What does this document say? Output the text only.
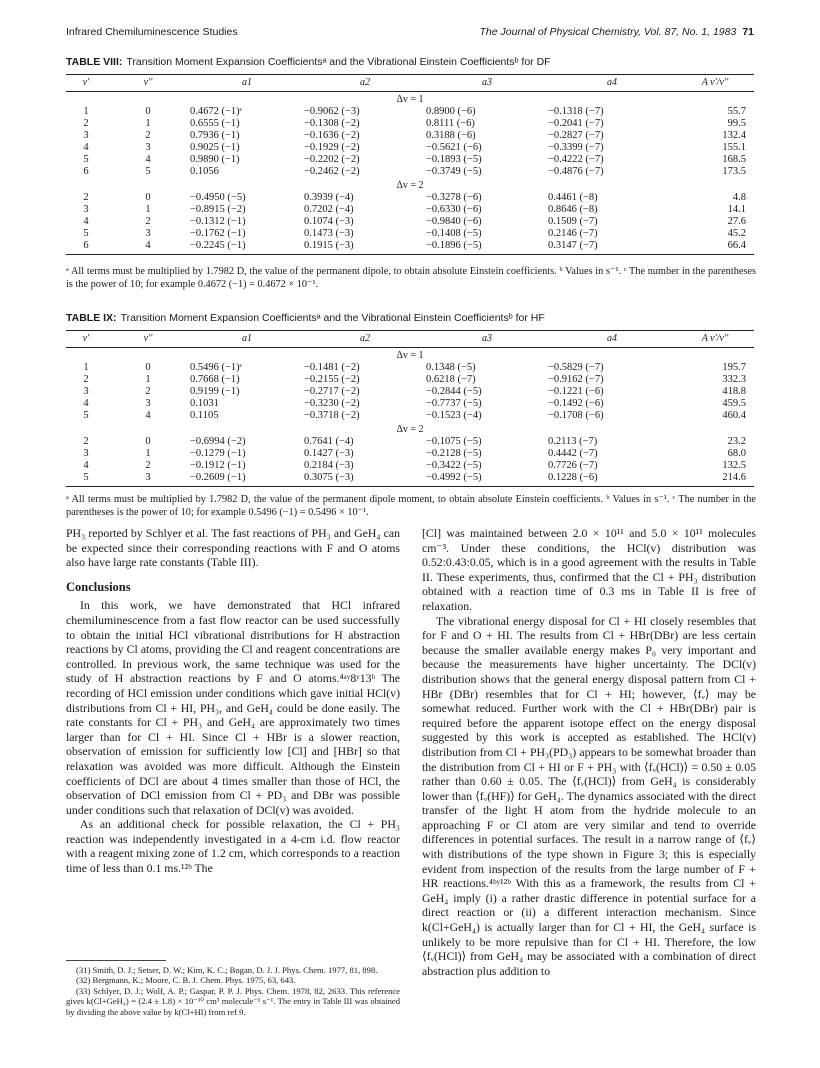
Infrared Chemiluminescence Studies	The Journal of Physical Chemistry, Vol. 87, No. 1, 1983 71
TABLE VIII: Transition Moment Expansion Coefficientsᵃ and the Vibrational Einstein Coefficientsᵇ for DF
v'	v''	a1	a2	a3	a4	A v'/v''
Δv = 1						
1	0	0.4672 (−1)ᶜ	−0.9062 (−3)	0.8900 (−6)	−0.1318 (−7)	55.7
2	1	0.6555 (−1)	−0.1308 (−2)	0.8111 (−6)	−0.2041 (−7)	99.5
3	2	0.7936 (−1)	−0.1636 (−2)	0.3188 (−6)	−0.2827 (−7)	132.4
4	3	0.9025 (−1)	−0.1929 (−2)	−0.5621 (−6)	−0.3399 (−7)	155.1
5	4	0.9890 (−1)	−0.2202 (−2)	−0.1893 (−5)	−0.4222 (−7)	168.5
6	5	0.1056	−0.2462 (−2)	−0.3749 (−5)	−0.4876 (−7)	173.5
Δv = 2						
2	0	−0.4950 (−5)	0.3939 (−4)	−0.3278 (−6)	0.4461 (−8)	4.8
3	1	−0.8915 (−2)	0.7202 (−4)	−0.6330 (−6)	0.8646 (−8)	14.1
4	2	−0.1312 (−1)	0.1074 (−3)	−0.9840 (−6)	0.1509 (−7)	27.6
5	3	−0.1762 (−1)	0.1473 (−3)	−0.1408 (−5)	0.2146 (−7)	45.2
6	4	−0.2245 (−1)	0.1915 (−3)	−0.1896 (−5)	0.3147 (−7)	66.4
ᵃ All terms must be multiplied by 1.7982 D, the value of the permanent dipole, to obtain absolute Einstein coefficients. ᵇ Values in s⁻¹. ᶜ The number in the parentheses is the power of 10; for example 0.4672 (−1) = 0.4672 × 10⁻¹.
TABLE IX: Transition Moment Expansion Coefficientsᵃ and the Vibrational Einstein Coefficientsᵇ for HF
v'	v''	a1	a2	a3	a4	A v'/v''
Δv = 1						
1	0	0.5496 (−1)ᶜ	−0.1481 (−2)	0.1348 (−5)	−0.5829 (−7)	195.7
2	1	0.7668 (−1)	−0.2155 (−2)	0.6218 (−7)	−0.9162 (−7)	332.3
3	2	0.9199 (−1)	−0.2717 (−2)	−0.2844 (−5)	−0.1221 (−6)	418.8
4	3	0.1031	−0.3230 (−2)	−0.7737 (−5)	−0.1492 (−6)	459.5
5	4	0.1105	−0.3718 (−2)	−0.1523 (−4)	−0.1708 (−6)	460.4
Δv = 2						
2	0	−0.6994 (−2)	0.7641 (−4)	−0.1075 (−5)	0.2113 (−7)	23.2
3	1	−0.1279 (−1)	0.1427 (−3)	−0.2128 (−5)	0.4442 (−7)	68.0
4	2	−0.1912 (−1)	0.2184 (−3)	−0.3422 (−5)	0.7726 (−7)	132.5
5	3	−0.2609 (−1)	0.3075 (−3)	−0.4992 (−5)	0.1228 (−6)	214.6
ᵃ All terms must be multiplied by 1.7982 D, the value of the permanent dipole moment, to obtain absolute Einstein coefficients. ᵇ Values in s⁻¹. ᶜ The number in the parentheses is the power of 10; for example 0.5496 (−1) = 0.5496 × 10⁻¹.

PH₃ reported by Schlyer et al. The fast reactions of PH₃ and GeH₄ can be expected since their corresponding reactions with F and O atoms also have large rate constants (Table III).

Conclusions

In this work, we have demonstrated that HCl infrared chemiluminescence from a fast flow reactor can be used successfully to obtain the initial HCl vibrational distributions for H abstraction reactions by Cl atoms, providing the Cl and reagent concentrations are controlled. In previous work, the same technique was used for the study of H abstraction reactions by F and O atoms.⁴ᵃʸ8ʸ13ᵇ The recording of HCl emission under conditions which gave initial HCl(v) distributions from Cl + HI, PH₃, and GeH₄ could be done easily. The rate constants for Cl + PH₃ and GeH₄ are approximately two times larger than for Cl + HI. Since Cl + HBr is a slower reaction, observation of emission for sufficiently low [Cl] and [HBr] so that relaxation was avoided was more difficult. Although the Einstein coefficients of DCl are about 4 times smaller than those of HCl, the observation of DCl emission from Cl + PD₃ and DBr was possible under conditions such that relaxation of DCl(v) was avoided.

As an additional check for possible relaxation, the Cl + PH₃ reaction was independently investigated in a 4-cm i.d. flow reactor with a reagent mixing zone of 1.2 cm, which corresponds to a reaction time of less than 0.1 ms.¹²ᵇ The

(31) Smith, D. J.; Setser, D. W.; Kim, K. C.; Bogan, D. J. J. Phys. Chem. 1977, 81, 898.

(32) Bergmann, K.; Moore, C. B. J. Chem. Phys. 1975, 63, 643.

(33) Schlyer, D. J.; Wolf, A. P.; Gaspar, P. P. J. Phys. Chem. 1978, 82, 2633. This reference gives k(Cl+GeH₄) = (2.4 ± 1.8) × 10⁻¹⁰ cm³ molecule⁻¹ s⁻¹. The entry in Table III was obtained by dividing the above value by k(Cl+HI) from ref 9.

[Cl] was maintained between 2.0 × 10¹¹ and 5.0 × 10¹¹ molecules cm⁻³. Under these conditions, the HCl(v) distribution was 0.52:0.43:0.05, which is in a good agreement with the results in Table II. These experiments, thus, confirmed that the Cl + PH₃ distribution obtained with a reaction time of 0.3 ms in Table II is free of relaxation.

The vibrational energy disposal for Cl + HI closely resembles that for F and O + HI. The results from Cl + HBr(DBr) are less certain because the smaller available energy makes P₀ very important and because the measurements have higher uncertainty. The DCl(v) distribution shows that the general energy disposal pattern from Cl + HBr (DBr) resembles that for Cl + HI; however, ⟨fᵥ⟩ may be somewhat reduced. Further work with the Cl + HBr(DBr) pair is required before the apparent isotope effect on the energy disposal suggested by this work is accepted as established. The HCl(v) distribution from Cl + PH₃(PD₃) appears to be somewhat broader than the distribution from Cl + HI or F + PH₃ with ⟨fᵥ(HCl)⟩ = 0.50 ± 0.05 rather than 0.60 ± 0.05. The ⟨fᵥ(HCl)⟩ from GeH₄ is considerably lower than ⟨fᵥ(HF)⟩ for GeH₄. The dynamics associated with the direct transfer of the light H atom from the hydride molecule to an approaching F or Cl atom are very similar and tend to override differences in potential surfaces. The result in a narrow range of ⟨fᵥ⟩ with distributions of the type shown in Figure 3; this is especially evident from inspection of the results from the large number of F + HR reactions.⁴ᵇʸ¹²ᵇ With this as a framework, the results from Cl + GeH₄ imply (i) a rather drastic difference in potential surface for a direct reaction or (ii) a different interaction mechanism. Since k(Cl+GeH₄) is actually larger than for Cl + HI, the GeH₄ surface is unlikely to be more repulsive than for Cl + HI. Therefore, the low ⟨fᵥ(HCl)⟩ from GeH₄ may be associated with a combination of direct abstraction plus addition to
